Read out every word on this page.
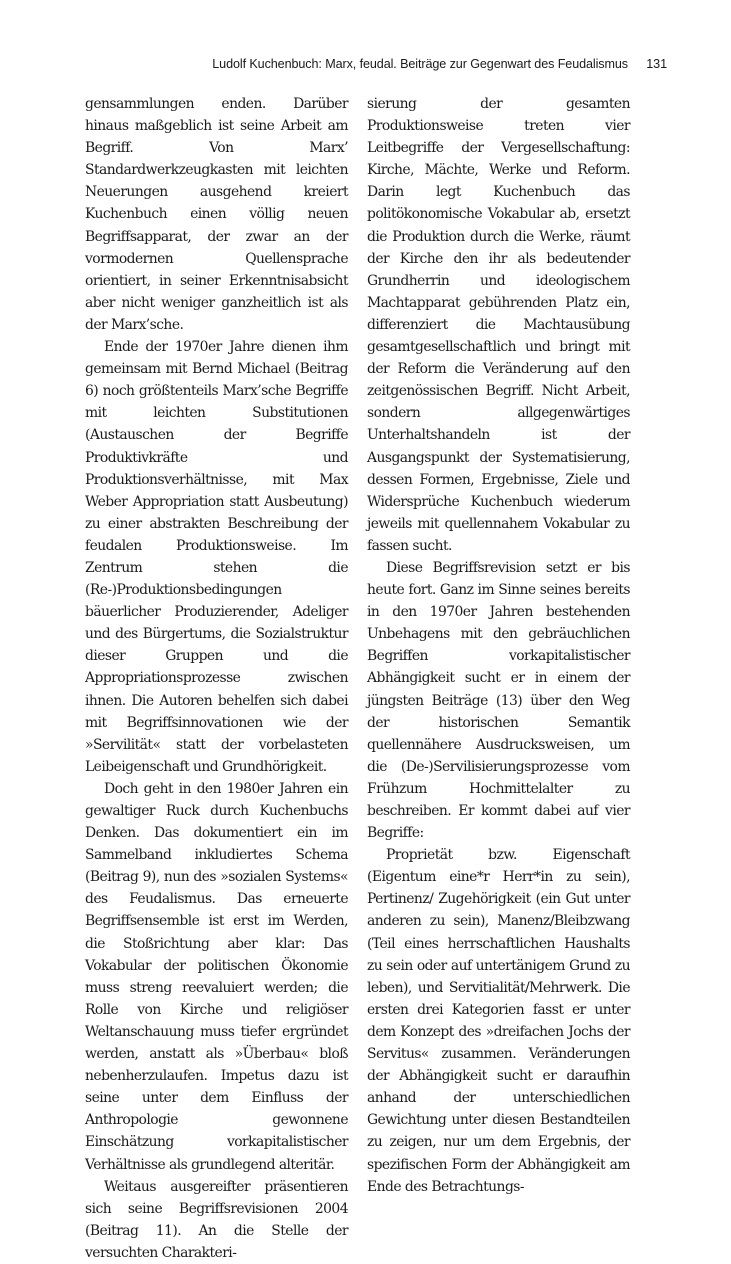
Ludolf Kuchenbuch: Marx, feudal. Beiträge zur Gegenwart des Feudalismus 131

gensammlungen enden. Darüber hinaus maßgeblich ist seine Arbeit am Begriff. Von Marx’ Standardwerkzeugkasten mit leichten Neuerungen ausgehend kreiert Kuchenbuch einen völlig neuen Begriffsapparat, der zwar an der vormodernen Quellensprache orientiert, in seiner Erkenntnisabsicht aber nicht weniger ganzheitlich ist als der Marx’sche.

Ende der 1970er Jahre dienen ihm gemeinsam mit Bernd Michael (Beitrag 6) noch größtenteils Marx’sche Begriffe mit leichten Substitutionen (Austauschen der Begriffe Produktivkräfte und Produktionsverhältnisse, mit Max Weber Appropriation statt Ausbeutung) zu einer abstrakten Beschreibung der feudalen Produktionsweise. Im Zentrum stehen die (Re-)Produktionsbedingungen bäuerlicher Produzierender, Adeliger und des Bürgertums, die Sozialstruktur dieser Gruppen und die Appropriationsprozesse zwischen ihnen. Die Autoren behelfen sich dabei mit Begriffsinnovationen wie der »Servilität« statt der vorbelasteten Leibeigenschaft und Grundhörigkeit.

Doch geht in den 1980er Jahren ein gewaltiger Ruck durch Kuchenbuchs Denken. Das dokumentiert ein im Sammelband inkludiertes Schema (Beitrag 9), nun des »sozialen Systems« des Feudalismus. Das erneuerte Begriffsensemble ist erst im Werden, die Stoßrichtung aber klar: Das Vokabular der politischen Ökonomie muss streng reevaluiert werden; die Rolle von Kirche und religiöser Weltanschauung muss tiefer ergründet werden, anstatt als »Überbau« bloß nebenherzulaufen. Impetus dazu ist seine unter dem Einfluss der Anthropologie gewonnene Einschätzung vorkapitalistischer Verhältnisse als grundlegend alteritär.

Weitaus ausgereifter präsentieren sich seine Begriffsrevisionen 2004 (Beitrag 11). An die Stelle der versuchten Charakteri-

sierung der gesamten Produktionsweise treten vier Leitbegriffe der Vergesellschaftung: Kirche, Mächte, Werke und Reform. Darin legt Kuchenbuch das politökonomische Vokabular ab, ersetzt die Produktion durch die Werke, räumt der Kirche den ihr als bedeutender Grundherrin und ideologischem Machtapparat gebührenden Platz ein, differenziert die Machtausübung gesamtgesellschaftlich und bringt mit der Reform die Veränderung auf den zeitgenössischen Begriff. Nicht Arbeit, sondern allgegenwärtiges Unterhaltshandeln ist der Ausgangspunkt der Systematisierung, dessen Formen, Ergebnisse, Ziele und Widersprüche Kuchenbuch wiederum jeweils mit quellennahem Vokabular zu fassen sucht.

Diese Begriffsrevision setzt er bis heute fort. Ganz im Sinne seines bereits in den 1970er Jahren bestehenden Unbehagens mit den gebräuchlichen Begriffen vorkapitalistischer Abhängigkeit sucht er in einem der jüngsten Beiträge (13) über den Weg der historischen Semantik quellennähere Ausdrucksweisen, um die (De-)Servilisierungsprozesse vom Frühzum Hochmittelalter zu beschreiben. Er kommt dabei auf vier Begriffe:

Proprietät bzw. Eigenschaft (Eigentum eine*r Herr*in zu sein), Pertinenz/ Zugehörigkeit (ein Gut unter anderen zu sein), Manenz/Bleibzwang (Teil eines herrschaftlichen Haushalts zu sein oder auf untertänigem Grund zu leben), und Servitialität/Mehrwerk. Die ersten drei Kategorien fasst er unter dem Konzept des »dreifachen Jochs der Servitus« zusammen. Veränderungen der Abhängigkeit sucht er daraufhin anhand der unterschiedlichen Gewichtung unter diesen Bestandteilen zu zeigen, nur um dem Ergebnis, der spezifischen Form der Abhängigkeit am Ende des Betrachtungs-
